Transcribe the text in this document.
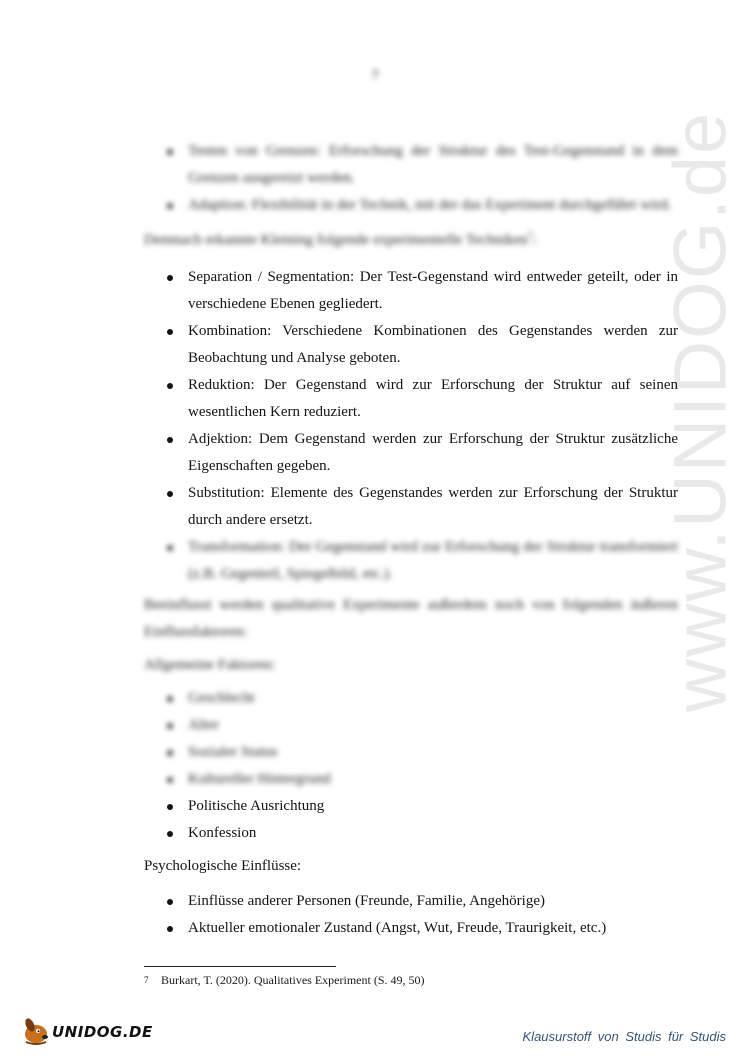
7
www.UNIDOG.de
Testen von Grenzen: Erforschung der Struktur des Test-Gegenstand in dem Grenzen ausgereizt werden.
Adaption: Flexibilität in der Technik, mit der das Experiment durchgeführt wird.

Demnach erkannte Kleining folgende experimentelle Techniken$^7$:

Separation / Segmentation: Der Test-Gegenstand wird entweder geteilt, oder in verschiedene Ebenen gegliedert.
Kombination: Verschiedene Kombinationen des Gegenstandes werden zur Beobachtung und Analyse geboten.
Reduktion: Der Gegenstand wird zur Erforschung der Struktur auf seinen wesentlichen Kern reduziert.
Adjektion: Dem Gegenstand werden zur Erforschung der Struktur zusätzliche Eigenschaften gegeben.
Substitution: Elemente des Gegenstandes werden zur Erforschung der Struktur durch andere ersetzt.
Transformation: Der Gegenstand wird zur Erforschung der Struktur transformiert (z.B. Gegenteil, Spiegelbild, etc.).

Beeinflusst werden qualitative Experimente außerdem noch von folgenden äußeren Einflussfaktoren:

Allgemeine Faktoren:

Geschlecht
Alter
Sozialer Status
Kultureller Hintergrund
Politische Ausrichtung
Konfession

Psychologische Einflüsse:

Einflüsse anderer Personen (Freunde, Familie, Angehörige)
Aktueller emotionaler Zustand (Angst, Wut, Freude, Traurigkeit, etc.)
7 Burkart, T. (2020). Qualitatives Experiment (S. 49, 50)
UNIDOG.DE	Klausurstoff von Studis für Studis
